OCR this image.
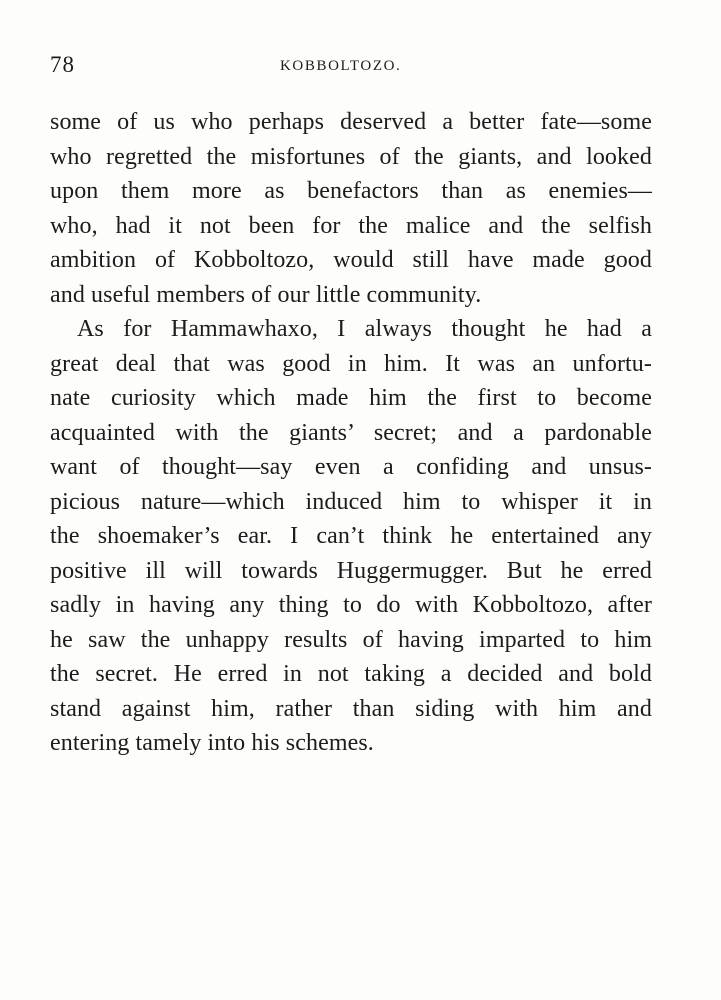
78	KOBBOLTOZO.
some of us who perhaps deserved a better fate—some
who regretted the misfortunes of the giants, and looked
upon them more as benefactors than as enemies—
who, had it not been for the malice and the selfish
ambition of Kobboltozo, would still have made good
and useful members of our little community.
As for Hammawhaxo, I always thought he had a
great deal that was good in him. It was an unfortu-
nate curiosity which made him the first to become
acquainted with the giants’ secret; and a pardonable
want of thought—say even a confiding and unsus-
picious nature—which induced him to whisper it in
the shoemaker’s ear. I can’t think he entertained any
positive ill will towards Huggermugger. But he erred
sadly in having any thing to do with Kobboltozo, after
he saw the unhappy results of having imparted to him
the secret. He erred in not taking a decided and bold
stand against him, rather than siding with him and
entering tamely into his schemes.
